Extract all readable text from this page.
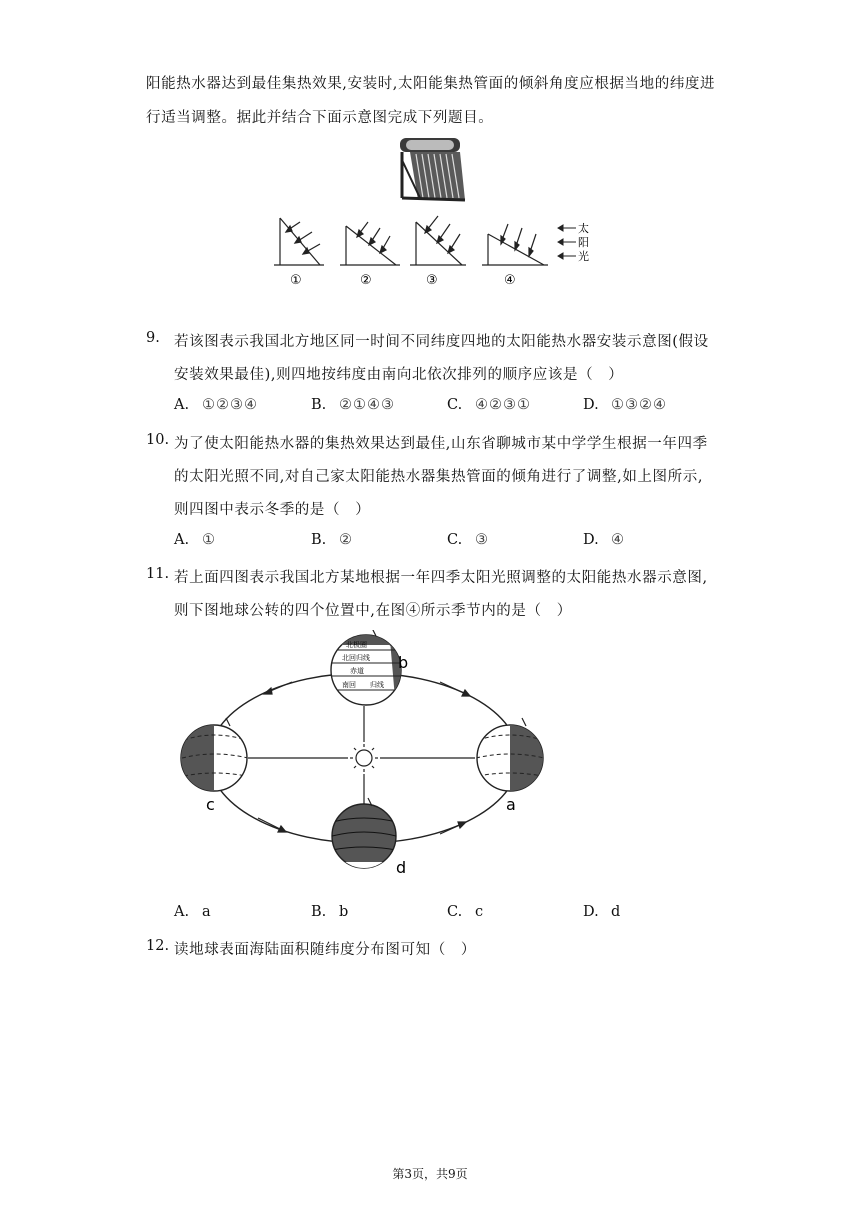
阳能热水器达到最佳集热效果,安装时,太阳能集热管面的倾斜角度应根据当地的纬度进
行适当调整。据此并结合下面示意图完成下列题目。
①	②	③	④
太
阳
光
9. 若该图表示我国北方地区同一时间不同纬度四地的太阳能热水器安装示意图(假设
安装效果最佳),则四地按纬度由南向北依次排列的顺序应该是（　）
A. ①②③④	B. ②①④③	C. ④②③①	D. ①③②④
10. 为了使太阳能热水器的集热效果达到最佳,山东省聊城市某中学学生根据一年四季
的太阳光照不同,对自己家太阳能热水器集热管面的倾角进行了调整,如上图所示,
则四图中表示冬季的是（　）
A. ①	B. ②	C. ③	D. ④
11. 若上面四图表示我国北方某地根据一年四季太阳光照调整的太阳能热水器示意图,
则下图地球公转的四个位置中,在图④所示季节内的是（　）
北极圈
北回归线
赤道
南回 归线
b
c	a
d
A. a	B. b	C. c	D. d
12. 读地球表面海陆面积随纬度分布图可知（　）
第3页，共9页
